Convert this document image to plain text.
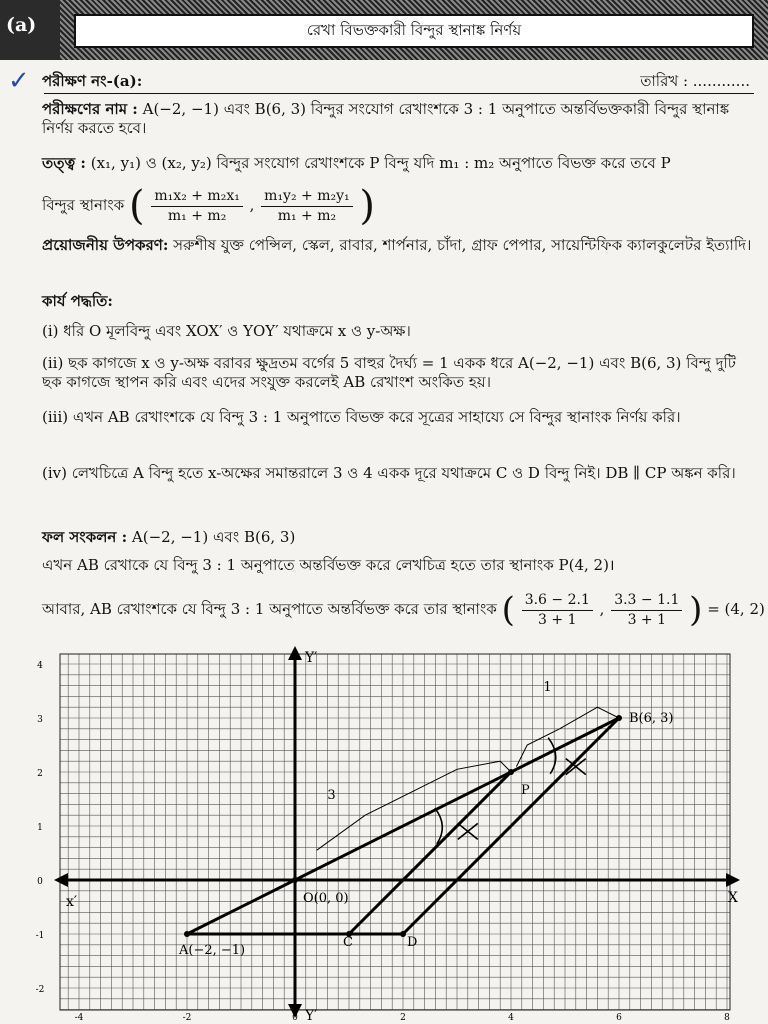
(a)	রেখা বিভক্তকারী বিন্দুর স্থানাঙ্ক নির্ণয়
✓ পরীক্ষণ নং-(a):	তারিখ : ............
পরীক্ষণের নাম : A(−2, −1) এবং B(6, 3) বিন্দুর সংযোগ রেখাংশকে 3 : 1 অনুপাতে অন্তর্বিভক্তকারী বিন্দুর স্থানাঙ্ক নির্ণয় করতে হবে।
তত্ত্ব : (x₁, y₁) ও (x₂, y₂) বিন্দুর সংযোগ রেখাংশকে P বিন্দু যদি m₁ : m₂ অনুপাতে বিভক্ত করে তবে P
বিন্দুর স্থানাংক ( $\frac{\text{m₁x₂ + m₂x₁}}{\text{m₁ + m₂}}$ , $\frac{\text{m₁y₂ + m₂y₁}}{\text{m₁ + m₂}}$ )
প্রয়োজনীয় উপকরণ: সরুশীষ যুক্ত পেন্সিল, স্কেল, রাবার, শার্পনার, চাঁদা, গ্রাফ পেপার, সায়েন্টিফিক ক্যালকুলেটর ইত্যাদি।
কার্য পদ্ধতি:
(i) ধরি O মূলবিন্দু এবং XOX′ ও YOY′ যথাক্রমে x ও y-অক্ষ।
(ii) ছক কাগজে x ও y-অক্ষ বরাবর ক্ষুদ্রতম বর্গের 5 বাহুর দৈর্ঘ্য = 1 একক ধরে A(−2, −1) এবং B(6, 3) বিন্দু দুটি ছক কাগজে স্থাপন করি এবং এদের সংযুক্ত করলেই AB রেখাংশ অংকিত হয়।
(iii) এখন AB রেখাংশকে যে বিন্দু 3 : 1 অনুপাতে বিভক্ত করে সূত্রের সাহায্যে সে বিন্দুর স্থানাংক নির্ণয় করি।
(iv) লেখচিত্রে A বিন্দু হতে x-অক্ষের সমান্তরালে 3 ও 4 একক দূরে যথাক্রমে C ও D বিন্দু নিই। DB ∥ CP অঙ্কন করি।
ফল সংকলন : A(−2, −1) এবং B(6, 3)
এখন AB রেখাকে যে বিন্দু 3 : 1 অনুপাতে অন্তর্বিভক্ত করে লেখচিত্র হতে তার স্থানাংক P(4, 2)।
আবার, AB রেখাংশকে যে বিন্দু 3 : 1 অনুপাতে অন্তর্বিভক্ত করে তার স্থানাংক ( $\frac{3.6 - 2.1}{3 + 1}$ , $\frac{3.3 - 1.1}{3 + 1}$ ) = (4, 2)
4
3
2
1
0
-1
-2
-4	-2	0	2	4	6	8
Y′
Y′
X
x′	O(0, 0)
A(−2, −1)
B(6, 3)
C	D
P
3
1
